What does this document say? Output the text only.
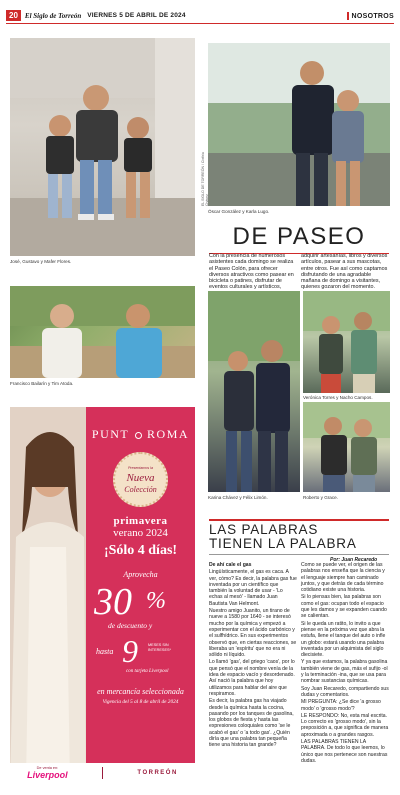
20	El Siglo de Torreón VIERNES 5 DE ABRIL DE 2024	NOSOTROS
José, Gustavo y Mafer Flores.
Francisco Bailarín y Tim Atoda.
EL SIGLO DE TORREÓN / Cinthia Chávez
Óscar González y Karla Lugo.
DE PASEO
Con la presencia de numerosos asistentes cada domingo se realiza el Paseo Colón, para ofrecer diversos atractivos como pasear en bicicleta o patines, disfrutar de eventos culturales y artísticos,
adquirir artesanías, libros y diversos artículos, pasear a sus mascotas, entre otros. Fue así como captamos disfrutando de una agradable mañana de domingo a visitantes, quienes gozaron del momento.
Karina Chávez y Félix Limón.
Verónica Torres y Nacho Campos.
Roberto y Grace.
PUNT ROMA
Presentamos la
Nueva
Colección
primavera
verano 2024
¡Sólo 4 días!
Aprovecha
30 %
de descuento y
hasta 9	MESES SIN INTERESES*
con tarjeta Liverpool
en mercancía seleccionada
Vigencia del 5 al 8 de abril de 2024
De venta en:
Liverpool	TORREÓN
LAS PALABRAS
TIENEN LA PALABRA
Por: Juan Recaredo

De ahí cale el gas

Lingüísticamente, el gas es caca. A ver, cómo? Es decir, la palabra gas fue inventada por un científico que también la voluntad de usar - 'Lo echas al mesó' - llamado Juan Bautista Van Helmont.

Nuestro amigo Juanito, un tirano de nueve a 1580 por 1640 - se interesó mucho por la química y empezó a experimentar con el ácido carbónico y el sulfhídrico. En sus experimentos observó que, en ciertas reacciones, se liberaba un 'espíritu' que no era ni sólido ni líquido.

Lo llamó 'gas', del griego 'caos', por lo que pensó que el nombre venía de la idea de espacio vacío y desordenado. Así nació la palabra que hoy utilizamos para hablar del aire que respiramos.

Es decir, la palabra gas ha viajado desde la química hasta la cocina, pasando por los tanques de gasolina, los globos de fiesta y hasta las expresiones coloquiales como 'se le acabó el gas' o 'a todo gas'. ¿Quién diría que una palabra tan pequeña tiene una historia tan grande?

Como se puede ver, el origen de las palabras nos enseña que la ciencia y el lenguaje siempre han caminado juntos, y que detrás de cada término cotidiano existe una historia.

Si lo piensas bien, las palabras son como el gas: ocupan todo el espacio que les damos y se expanden cuando se calientan.

Si le queda un ratito, lo invito a que piense en la próxima vez que abra la estufa, llene el tanque del auto o infle un globo: estará usando una palabra inventada por un alquimista del siglo diecisiete.

Y ya que estamos, la palabra gasolina también viene de gas, más el sufijo -ol y la terminación -ina, que se usa para nombrar sustancias químicas.

Soy Juan Recaredo, compartiendo sus dudas y comentarios.

MI PREGUNTA: ¿Se dice 'a grosso modo' o 'grosso modo'?

LE RESPONDO: No, esta mal escrita. Lo correcto es 'grosso modo', sin la preposición a, que significa de manera aproximada o a grandes rasgos.

LAS PALABRAS TIENEN LA PALABRA. De todo lo que leemos, lo único que nos pertenece son nuestras dudas.
